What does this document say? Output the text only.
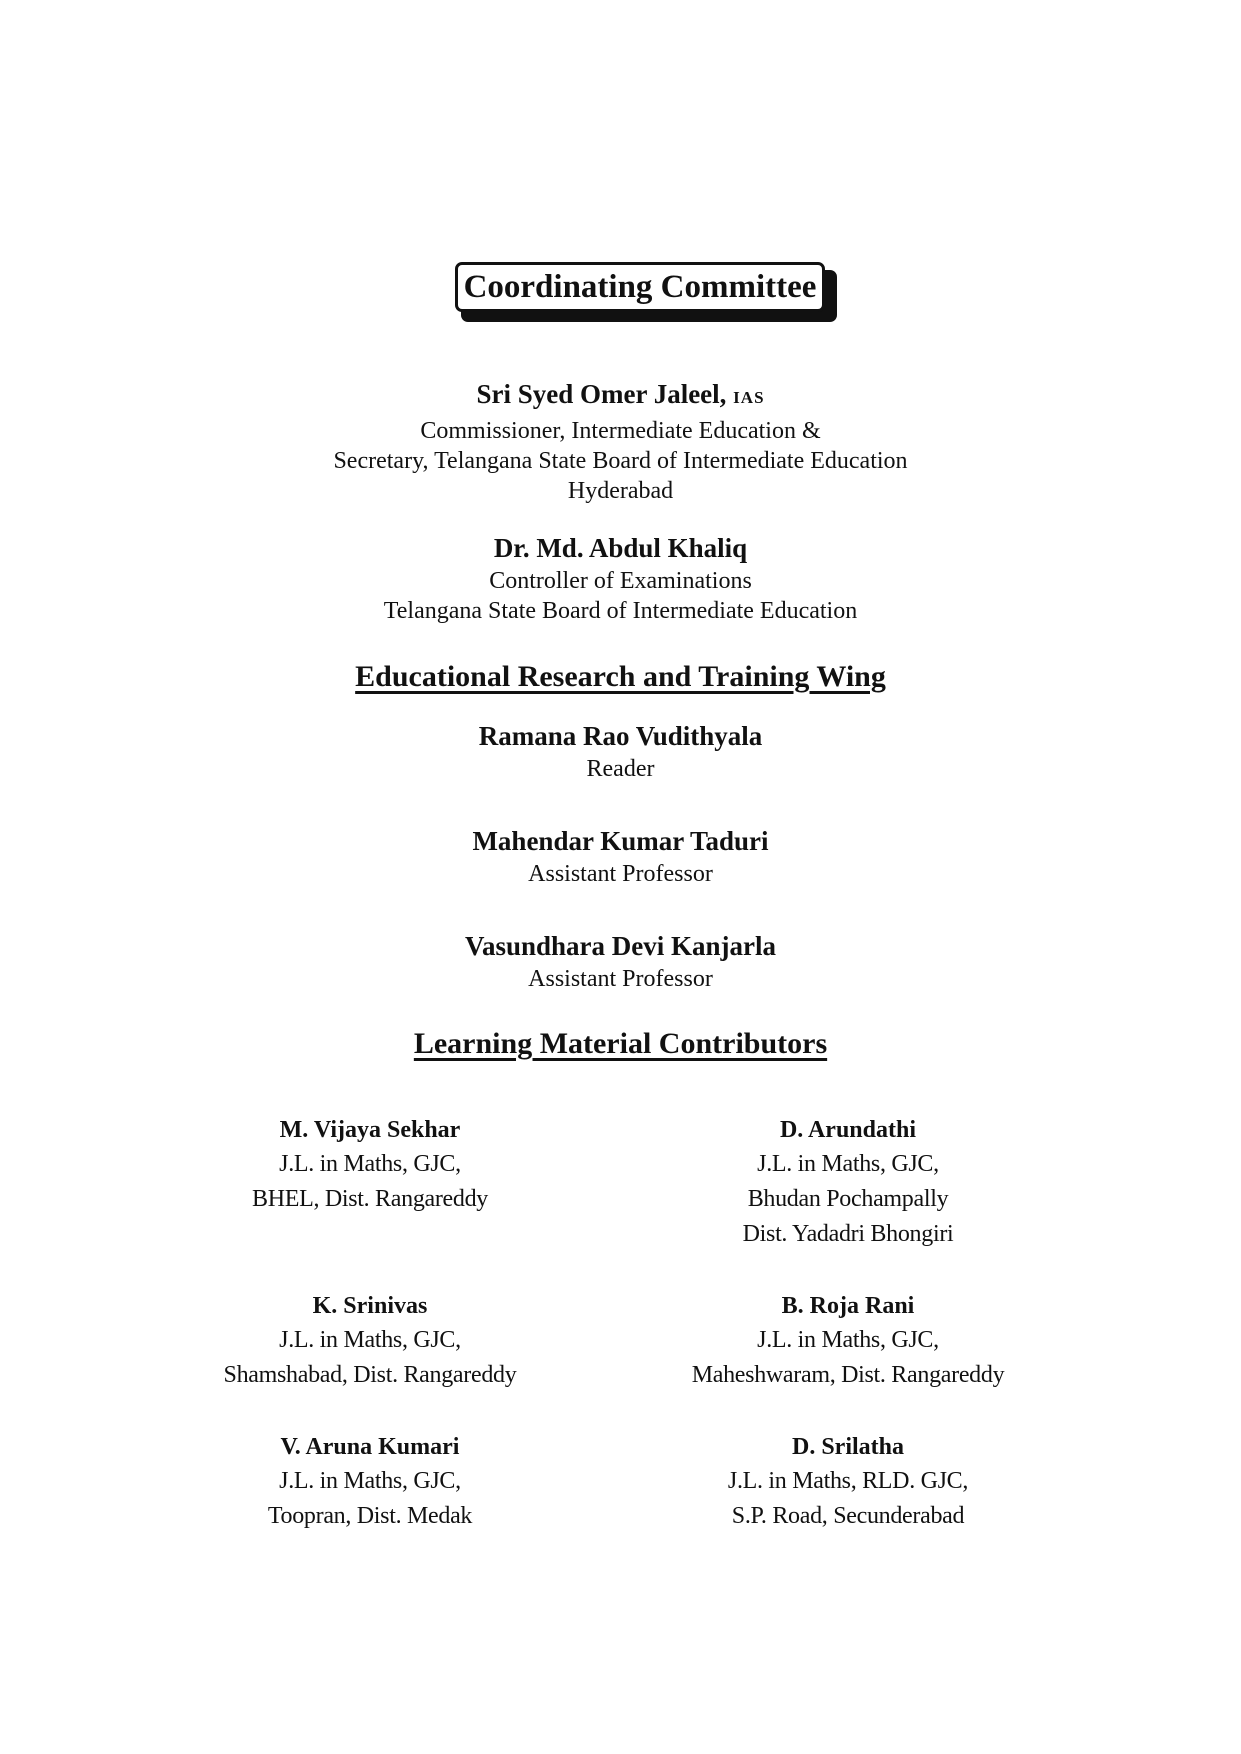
Coordinating Committee
Sri Syed Omer Jaleel, IAS
Commissioner, Intermediate Education &
Secretary, Telangana State Board of Intermediate Education
Hyderabad
Dr. Md. Abdul Khaliq
Controller of Examinations
Telangana State Board of Intermediate Education
Educational Research and Training Wing
Ramana Rao Vudithyala
Reader
Mahendar Kumar Taduri
Assistant Professor
Vasundhara Devi Kanjarla
Assistant Professor
Learning Material Contributors
M. Vijaya Sekhar
J.L. in Maths, GJC,
BHEL, Dist. Rangareddy
K. Srinivas
J.L. in Maths, GJC,
Shamshabad, Dist. Rangareddy
V. Aruna Kumari
J.L. in Maths, GJC,
Toopran, Dist. Medak
D. Arundathi
J.L. in Maths, GJC,
Bhudan Pochampally
Dist. Yadadri Bhongiri
B. Roja Rani
J.L. in Maths, GJC,
Maheshwaram, Dist. Rangareddy
D. Srilatha
J.L. in Maths, RLD. GJC,
S.P. Road, Secunderabad
